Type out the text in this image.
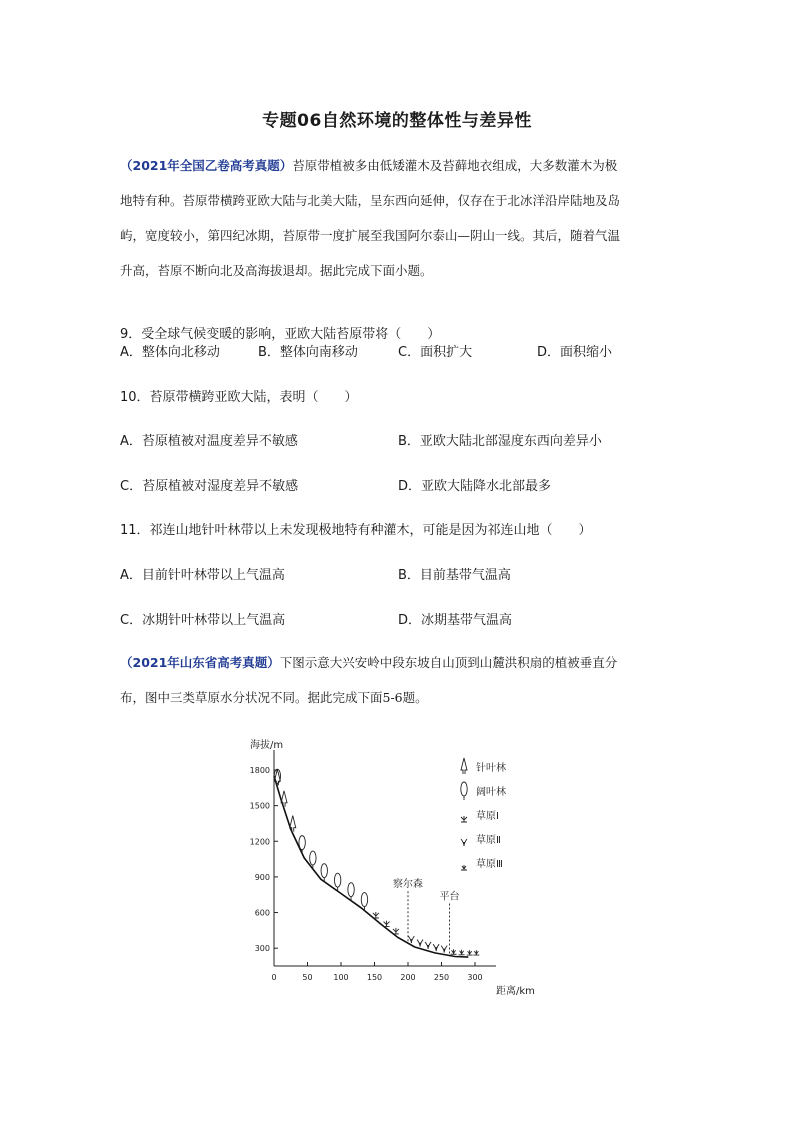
专题06自然环境的整体性与差异性
（2021年全国乙卷高考真题）苔原带植被多由低矮灌木及苔藓地衣组成，大多数灌木为极
地特有种。苔原带横跨亚欧大陆与北美大陆，呈东西向延伸，仅存在于北冰洋沿岸陆地及岛
屿，宽度较小，第四纪冰期，苔原带一度扩展至我国阿尔泰山—阴山一线。其后，随着气温
升高，苔原不断向北及高海拔退却。据此完成下面小题。
9．受全球气候变暖的影响，亚欧大陆苔原带将（　　）
A．整体向北移动	B．整体向南移动	C．面积扩大	D．面积缩小
10．苔原带横跨亚欧大陆，表明（　　）
A．苔原植被对温度差异不敏感	B．亚欧大陆北部湿度东西向差异小
C．苔原植被对湿度差异不敏感	D．亚欧大陆降水北部最多
11．祁连山地针叶林带以上未发现极地特有种灌木，可能是因为祁连山地（　　）
A．目前针叶林带以上气温高	B．目前基带气温高
C．冰期针叶林带以上气温高	D．冰期基带气温高
（2021年山东省高考真题）下图示意大兴安岭中段东坡自山顶到山麓洪积扇的植被垂直分
布，图中三类草原水分状况不同。据此完成下面5-6题。
海拔/m
距离/km
300
600
900
1200
1500
1800
0	50	100 150 200 250 300
察尔森
平台
针叶林
阔叶林
草原Ⅰ
草原Ⅱ
草原Ⅲ
